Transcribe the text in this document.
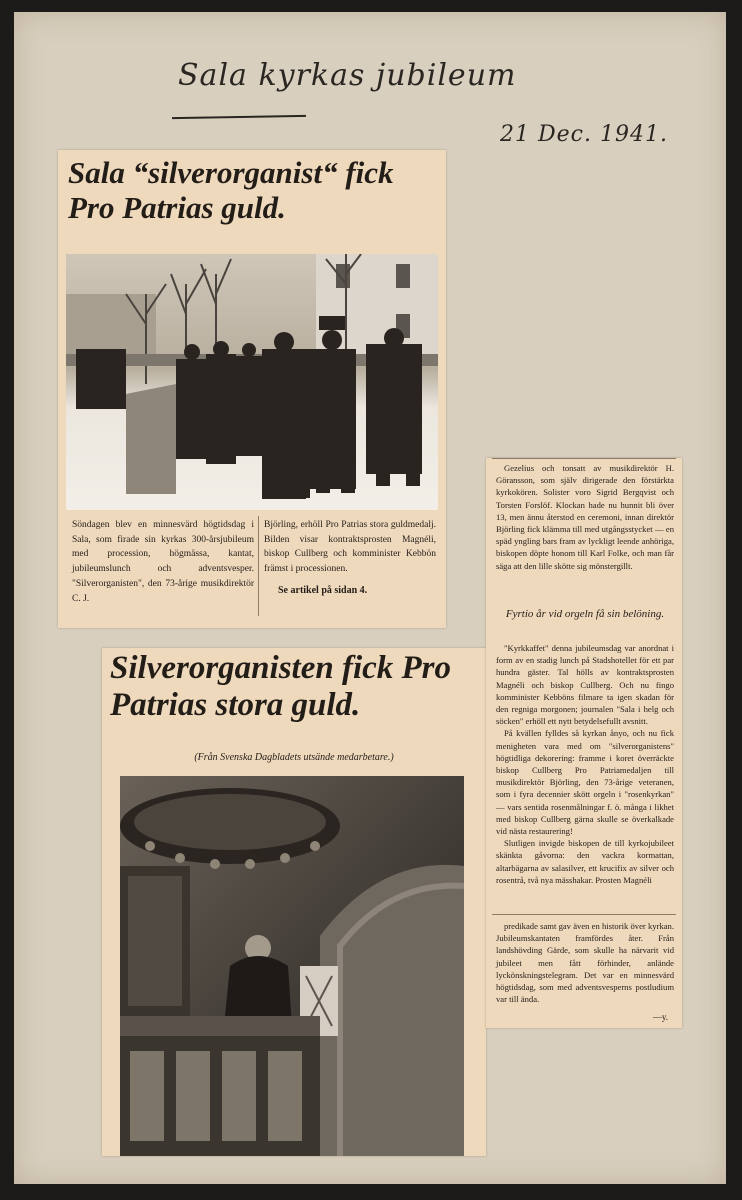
Sala kyrkas jubileum
21 Dec. 1941.
Sala “silverorganist“ fick Pro Patrias guld.
Söndagen blev en minnesvärd högtidsdag i Sala, som firade sin kyrkas 300-årsjubileum med procession, högmässa, kantat, jubileumslunch och adventsvesper. "Silverorganisten", den 73-årige musikdirektör C. J.
Björling, erhöll Pro Patrias stora guldmedalj. Bilden visar kontraktsprosten Magnéli, biskop Cullberg och komminister Kebbön främst i processionen.
Se artikel på sidan 4.
Silverorganisten fick Pro Patrias stora guld.
(Från Svenska Dagbladets utsände medarbetare.)

Gezelius och tonsatt av musikdirektör H. Göransson, som själv dirigerade den förstärkta kyrkokören. Solister voro Sigrid Bergqvist och Torsten Forslöf. Klockan hade nu hunnit bli över 13, men ännu återstod en ceremoni, innan direktör Björling fick klämma till med utgångsstycket — en späd yngling bars fram av lyckligt leende anhöriga, biskopen döpte honom till Karl Folke, och man får säga att den lille skötte sig mönstergillt.

Fyrtio år vid orgeln få sin belöning.

"Kyrkkaffet" denna jubileumsdag var anordnat i form av en stadig lunch på Stadshotellet för ett par hundra gäster. Tal hölls av kontraktsprosten Magnéli och biskop Cullberg. Och nu fingo komminister Kebböns filmare ta igen skadan för den regniga morgonen; journalen "Sala i helg och söcken" erhöll ett nytt betydelsefullt avsnitt.

På kvällen fylldes så kyrkan ånyo, och nu fick menigheten vara med om "silverorganistens" högtidliga dekorering: framme i koret överräckte biskop Cullberg Pro Patriamedaljen till musikdirektör Björling, den 73-årige veteranen, som i fyra decennier skött orgeln i "rosenkyrkan" — vars sentida rosenmålningar f. ö. många i likhet med biskop Cullberg gärna skulle se överkalkade vid nästa restaurering!

Slutligen invigde biskopen de till kyrkojubileet skänkta gåvorna: den vackra kormattan, altarbägarna av salasilver, ett krucifix av silver och rosentrå, två nya mässhakar. Prosten Magnéli

predikade samt gav även en historik över kyrkan. Jubileumskantaten framfördes åter. Från landshövding Gärde, som skulle ha närvarit vid jubileet men fått förhinder, anlände lyckönskningstelegram. Det var en minnesvärd högtidsdag, som med adventsvesperns postludium var till ända.

—y.
